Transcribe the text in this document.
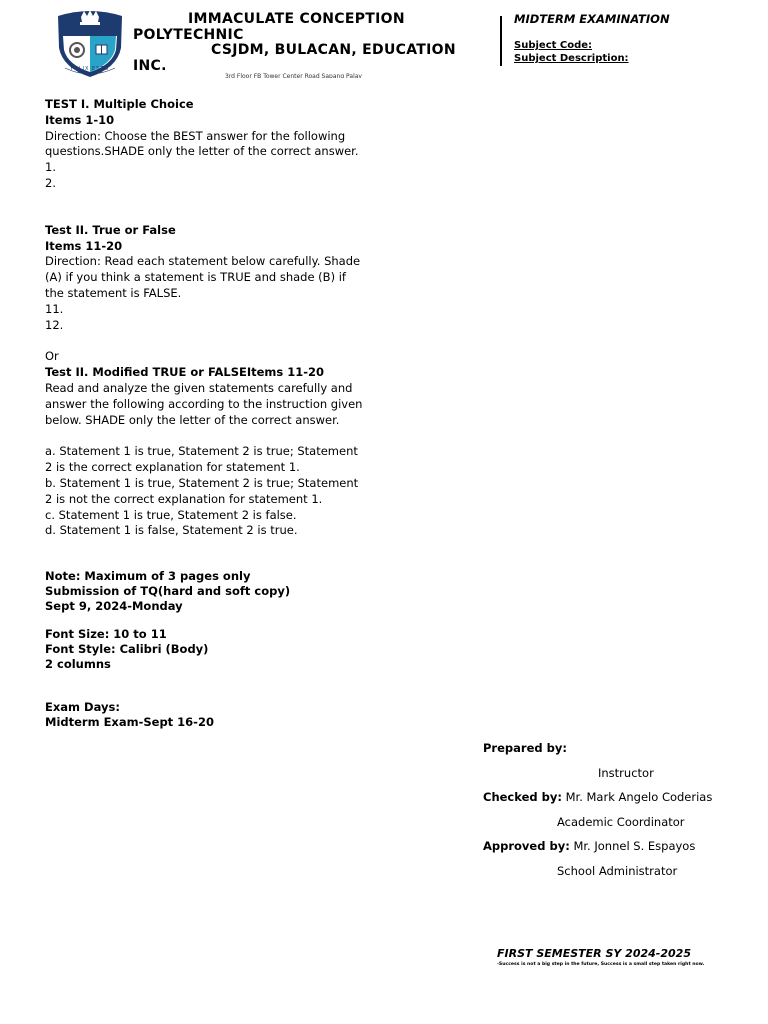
FELIX ESTO
IMMACULATE CONCEPTION
POLYTECHNIC
CSJDM, BULACAN, EDUCATION
INC.
3rd Floor FB Tower Center Road Sapang Palay
MIDTERM EXAMINATION
Subject Code:
Subject Description:

TEST I. Multiple Choice

Items 1-10

Direction: Choose the BEST answer for the following questions.SHADE only the letter of the correct answer.

1.

2.

Test II. True or False

Items 11-20

Direction: Read each statement below carefully. Shade (A) if you think a statement is TRUE and shade (B) if the statement is FALSE.

11.

12.

Or

Test II. Modified TRUE or FALSEItems 11-20

Read and analyze the given statements carefully and answer the following according to the instruction given below. SHADE only the letter of the correct answer.

a. Statement 1 is true, Statement 2 is true; Statement 2 is the correct explanation for statement 1.

b. Statement 1 is true, Statement 2 is true; Statement 2 is not the correct explanation for statement 1.

c. Statement 1 is true, Statement 2 is false.

d. Statement 1 is false, Statement 2 is true.

Note: Maximum of 3 pages only

Submission of TQ(hard and soft copy)

Sept 9, 2024-Monday

Font Size: 10 to 11

Font Style: Calibri (Body)

2 columns

Exam Days:

Midterm Exam-Sept 16-20

Prepared by:
Instructor
Checked by: Mr. Mark Angelo Coderias
Academic Coordinator
Approved by: Mr. Jonnel S. Espayos
School Administrator
FIRST SEMESTER SY 2024-2025
-Success is not a big step in the future, Success is a small step taken right now.
